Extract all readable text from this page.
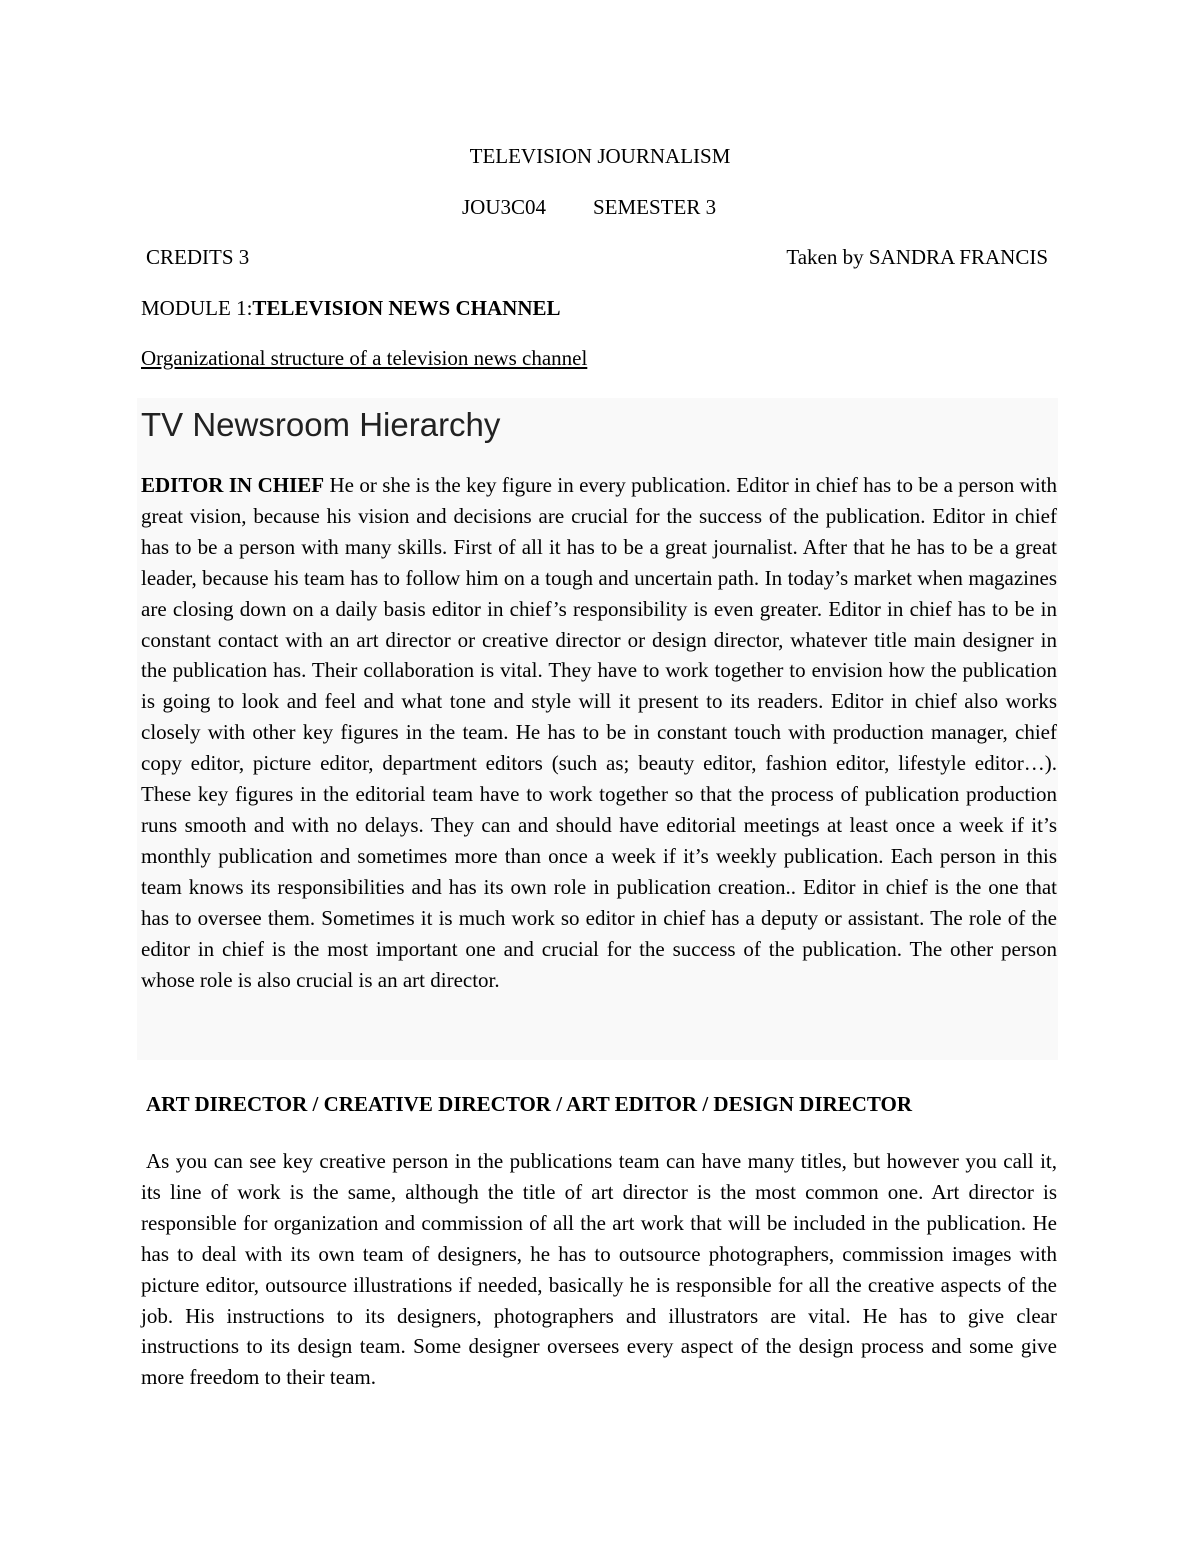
TELEVISION JOURNALISM
JOU3C04 SEMESTER 3
CREDITS 3	Taken by SANDRA FRANCIS
MODULE 1:TELEVISION NEWS CHANNEL
Organizational structure of a television news channel
TV Newsroom Hierarchy

EDITOR IN CHIEF He or she is the key figure in every publication. Editor in chief has to be a person with great vision, because his vision and decisions are crucial for the success of the publication. Editor in chief has to be a person with many skills. First of all it has to be a great journalist. After that he has to be a great leader, because his team has to follow him on a tough and uncertain path. In today’s market when magazines are closing down on a daily basis editor in chief’s responsibility is even greater. Editor in chief has to be in constant contact with an art director or creative director or design director, whatever title main designer in the publication has. Their collaboration is vital. They have to work together to envision how the publication is going to look and feel and what tone and style will it present to its readers. Editor in chief also works closely with other key figures in the team. He has to be in constant touch with production manager, chief copy editor, picture editor, department editors (such as; beauty editor, fashion editor, lifestyle editor…). These key figures in the editorial team have to work together so that the process of publication production runs smooth and with no delays. They can and should have editorial meetings at least once a week if it’s monthly publication and sometimes more than once a week if it’s weekly publication. Each person in this team knows its responsibilities and has its own role in publication creation.. Editor in chief is the one that has to oversee them. Sometimes it is much work so editor in chief has a deputy or assistant. The role of the editor in chief is the most important one and crucial for the success of the publication. The other person whose role is also crucial is an art director.

ART DIRECTOR / CREATIVE DIRECTOR / ART EDITOR / DESIGN DIRECTOR

As you can see key creative person in the publications team can have many titles, but however you call it, its line of work is the same, although the title of art director is the most common one. Art director is responsible for organization and commission of all the art work that will be included in the publication. He has to deal with its own team of designers, he has to outsource photographers, commission images with picture editor, outsource illustrations if needed, basically he is responsible for all the creative aspects of the job. His instructions to its designers, photographers and illustrators are vital. He has to give clear instructions to its design team. Some designer oversees every aspect of the design process and some give more freedom to their team.
